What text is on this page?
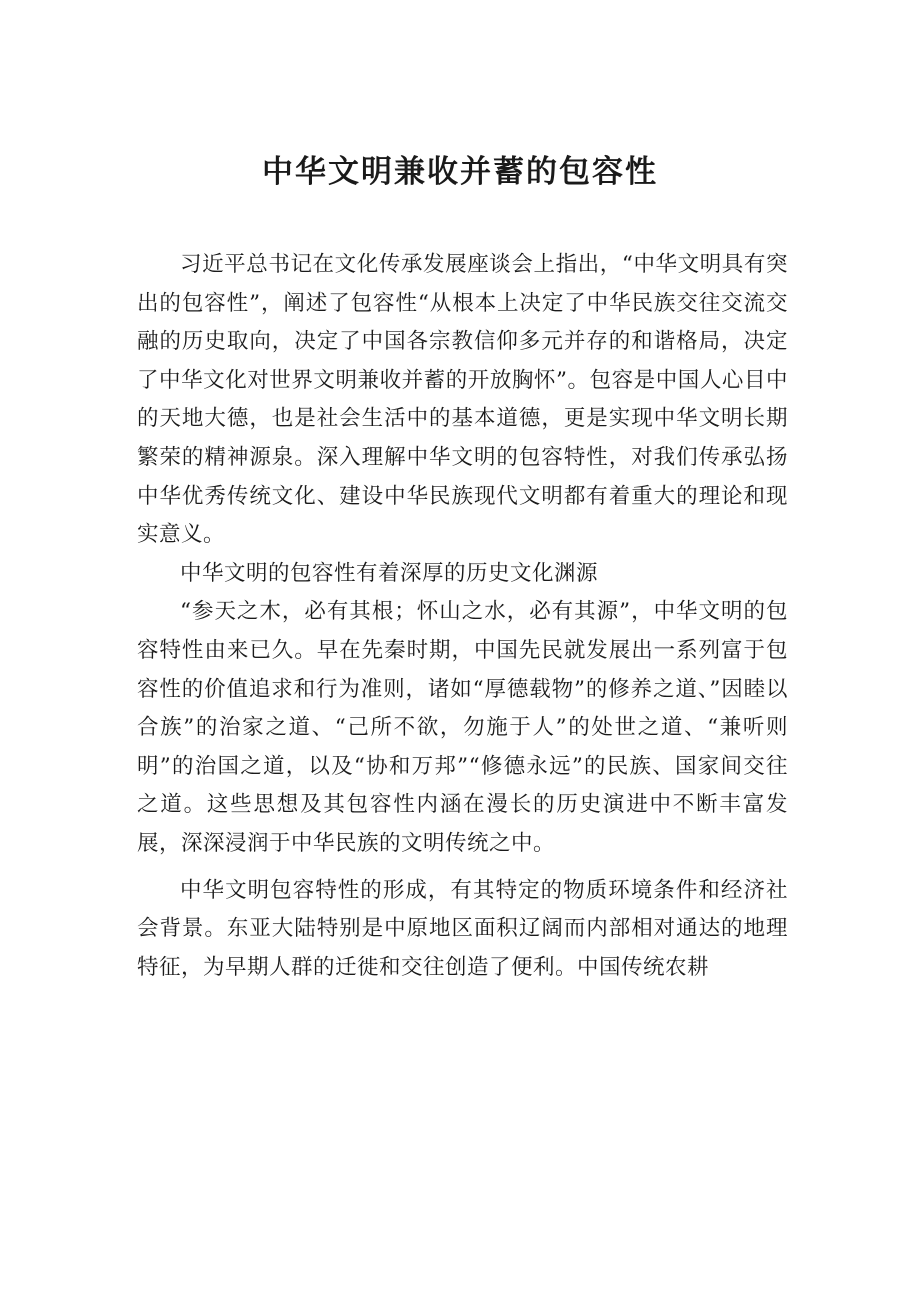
中华文明兼收并蓄的包容性

习近平总书记在文化传承发展座谈会上指出，“中华文明具有突出的包容性”，阐述了包容性“从根本上决定了中华民族交往交流交融的历史取向，决定了中国各宗教信仰多元并存的和谐格局，决定了中华文化对世界文明兼收并蓄的开放胸怀”。包容是中国人心目中的天地大德，也是社会生活中的基本道德，更是实现中华文明长期繁荣的精神源泉。深入理解中华文明的包容特性，对我们传承弘扬中华优秀传统文化、建设中华民族现代文明都有着重大的理论和现实意义。

中华文明的包容性有着深厚的历史文化渊源

“参天之木，必有其根；怀山之水，必有其源”，中华文明的包容特性由来已久。早在先秦时期，中国先民就发展出一系列富于包容性的价值追求和行为准则，诸如“厚德载物”的修养之道、”因睦以合族”的治家之道、“己所不欲，勿施于人”的处世之道、“兼听则明”的治国之道，以及“协和万邦”“修德永远”的民族、国家间交往之道。这些思想及其包容性内涵在漫长的历史演进中不断丰富发展，深深浸润于中华民族的文明传统之中。

中华文明包容特性的形成，有其特定的物质环境条件和经济社会背景。东亚大陆特别是中原地区面积辽阔而内部相对通达的地理特征，为早期人群的迁徙和交往创造了便利。中国传统农耕
